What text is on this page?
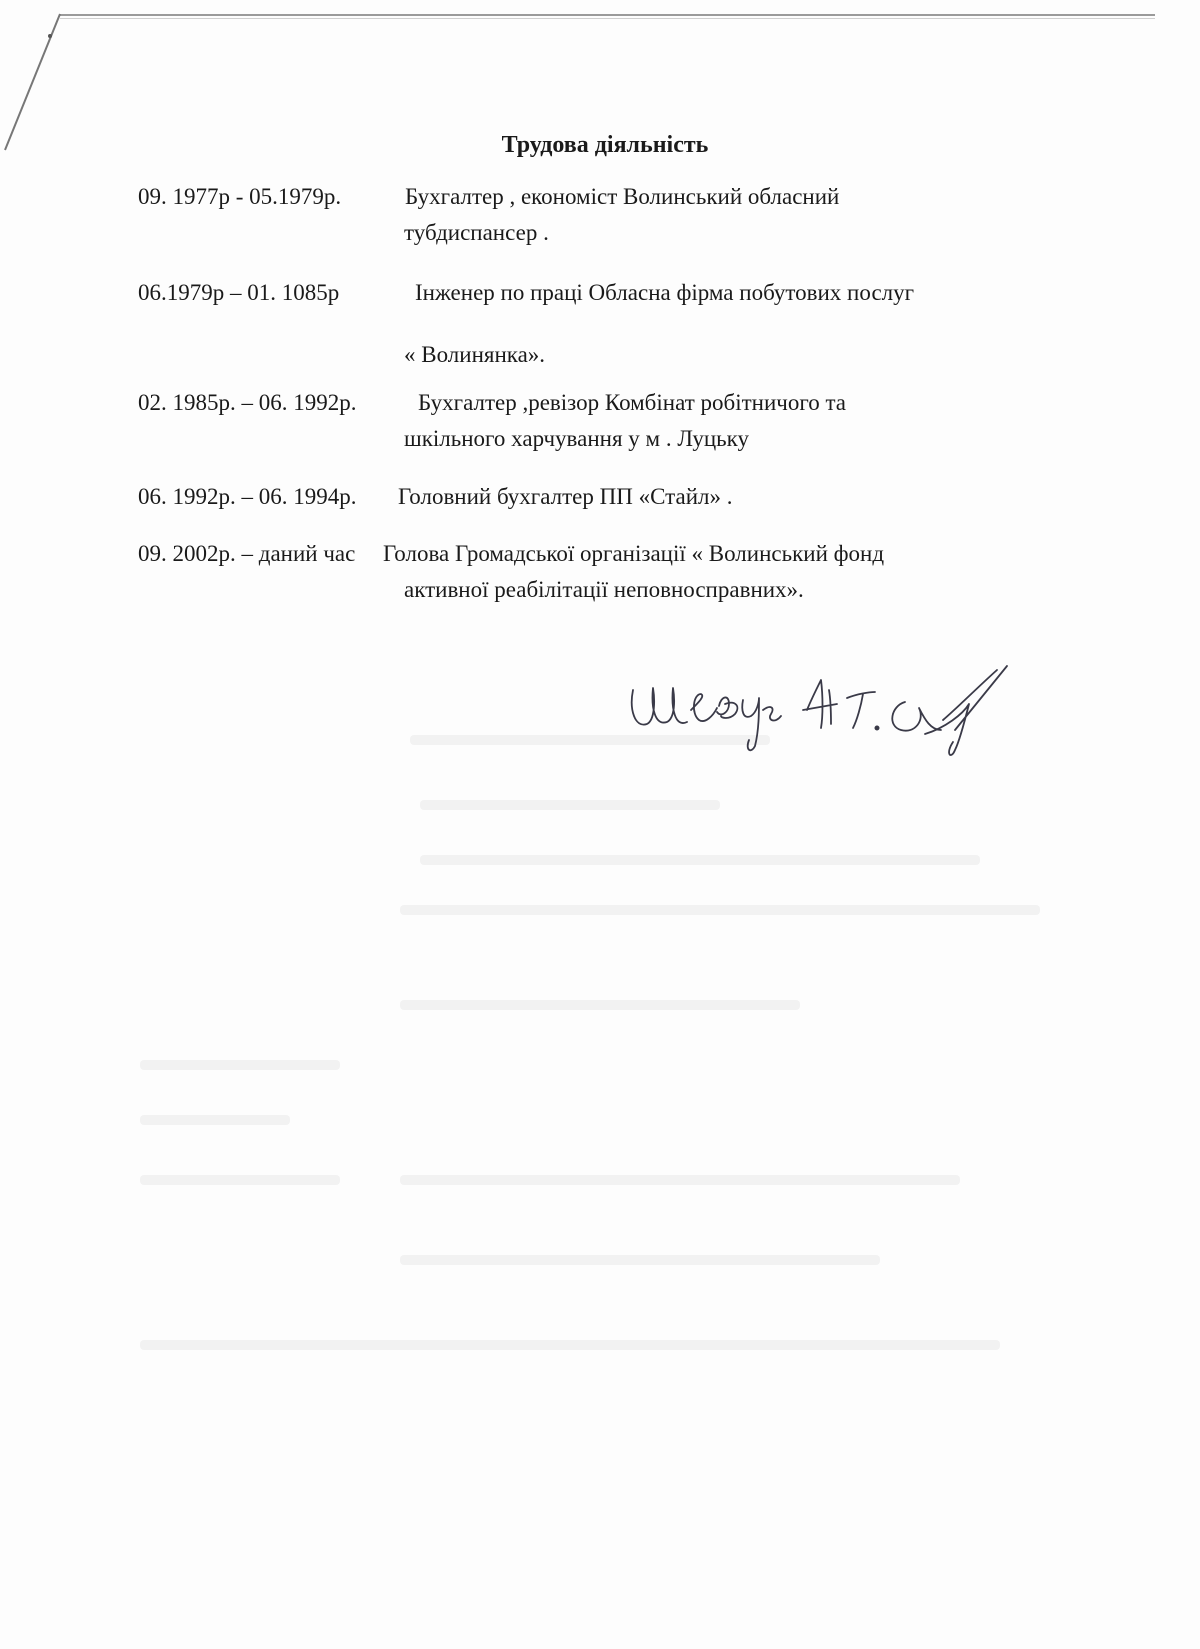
Трудова діяльність
09. 1977р - 05.1979р.	Бухгалтер , економіст Волинський обласний
тубдиспансер .
06.1979р – 01. 1085р	Інженер по праці Обласна фірма побутових послуг
« Волинянка».
02. 1985р. – 06. 1992р.	Бухгалтер ,ревізор Комбінат робітничого та
шкільного харчування у м . Луцьку
06. 1992р. – 06. 1994р. Головний бухгалтер ПП «Стайл» .
09. 2002р. – даний час Голова Громадської організації « Волинський фонд
активної реабілітації неповносправних».
